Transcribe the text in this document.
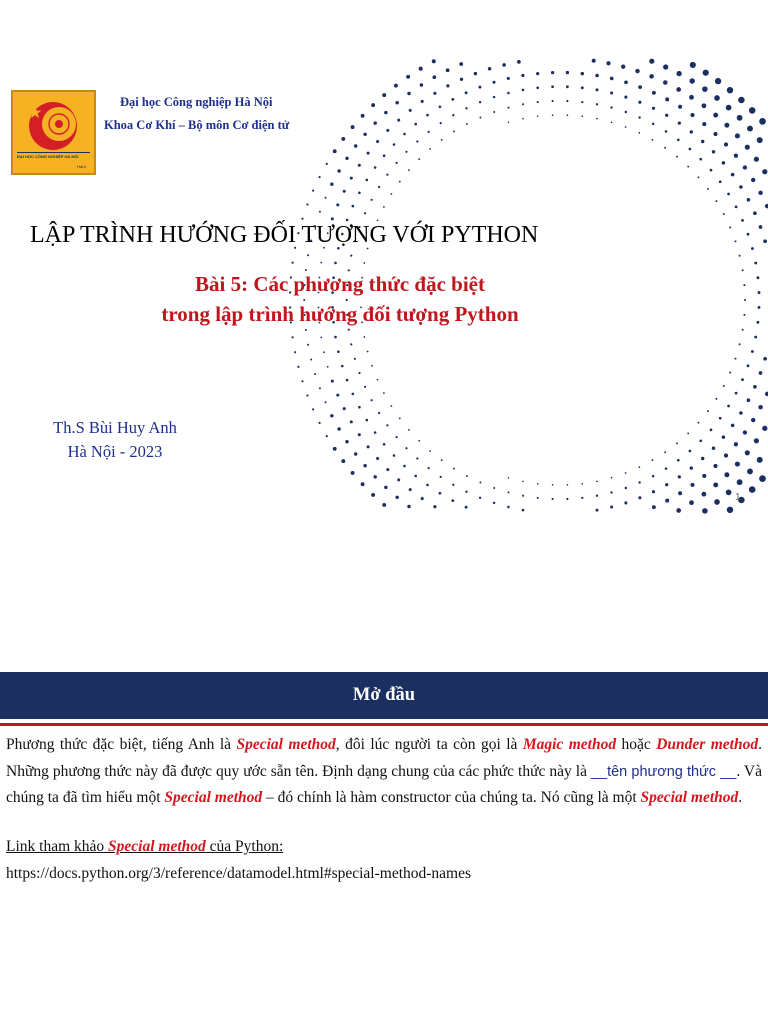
ĐẠI HỌC CÔNG NGHIỆP HÀ NỘI
HaUI
Đại học Công nghiệp Hà Nội
Khoa Cơ Khí – Bộ môn Cơ điện tử
LẬP TRÌNH HƯỚNG ĐỐI TƯỢNG VỚI PYTHON
Bài 5: Các phương thức đặc biệt
trong lập trình hướng đối tượng Python
Th.S Bùi Huy Anh
Hà Nội - 2023
1
Mở đầu

Phương thức đặc biệt, tiếng Anh là Special method, đôi lúc người ta còn gọi là Magic method hoặc Dunder method. Những phương thức này đã được quy ước sẵn tên. Định dạng chung của các phức thức này là __tên phương thức __. Và chúng ta đã tìm hiểu một Special method – đó chính là hàm constructor của chúng ta. Nó cũng là một Special method.

Link tham khảo Special method của Python:
https://docs.python.org/3/reference/datamodel.html#special-method-names
